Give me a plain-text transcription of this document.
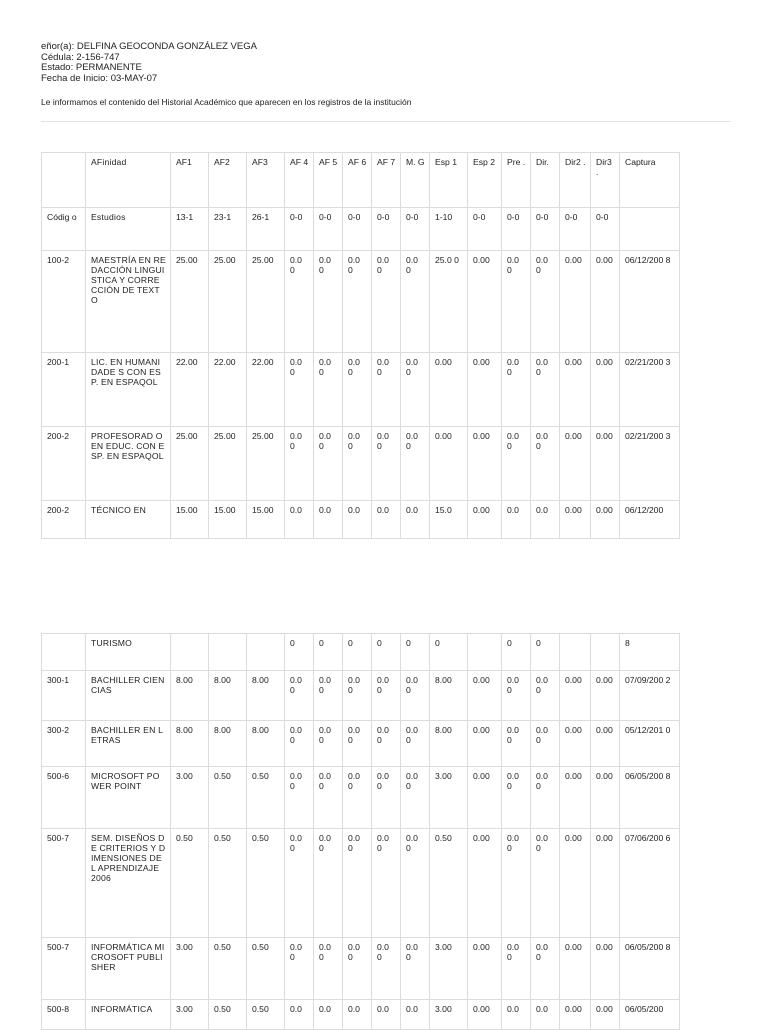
eñor(a): DELFINA GEOCONDA GONZÁLEZ VEGA
Cédula: 2-156-747
Estado: PERMANENTE
Fecha de Inicio: 03-MAY-07
Le informamos el contenido del Historial Académico que aparecen en los registros de la institución
	AFinidad	AF1	AF2	AF3	AF 4	AF 5	AF 6	AF 7	M. G	Esp 1	Esp 2	Pre .	Dir.	Dir2 .	Dir3 .	Captura
Códig o	Estudios	13-1	23-1	26-1	0-0	0-0	0-0	0-0	0-0	1-10	0-0	0-0	0-0	0-0	0-0	
100-2	MAESTRÍA EN REDACCIÓN LINGUISTICA Y CORRECCIÓN DE TEXTO	25.00	25.00	25.00	0.0 0	0.0 0	0.0 0	0.0 0	0.0 0	25.0 0	0.00	0.0 0	0.0 0	0.00	0.00	06/12/200 8
200-1	LIC. EN HUMANIDADE S CON ESP. EN ESPAQOL	22.00	22.00	22.00	0.0 0	0.0 0	0.0 0	0.0 0	0.0 0	0.00	0.00	0.0 0	0.0 0	0.00	0.00	02/21/200 3
200-2	PROFESORAD O EN EDUC. CON ESP. EN ESPAQOL	25.00	25.00	25.00	0.0 0	0.0 0	0.0 0	0.0 0	0.0 0	0.00	0.00	0.0 0	0.0 0	0.00	0.00	02/21/200 3
200-2	TÉCNICO EN	15.00	15.00	15.00	0.0	0.0	0.0	0.0	0.0	15.0	0.00	0.0	0.0	0.00	0.00	06/12/200
	TURISMO				0	0	0	0	0	0		0	0			8
300-1	BACHILLER CIENCIAS	8.00	8.00	8.00	0.0 0	0.0 0	0.0 0	0.0 0	0.0 0	8.00	0.00	0.0 0	0.0 0	0.00	0.00	07/09/200 2
300-2	BACHILLER EN LETRAS	8.00	8.00	8.00	0.0 0	0.0 0	0.0 0	0.0 0	0.0 0	8.00	0.00	0.0 0	0.0 0	0.00	0.00	05/12/201 0
500-6	MICROSOFT POWER POINT	3.00	0.50	0.50	0.0 0	0.0 0	0.0 0	0.0 0	0.0 0	3.00	0.00	0.0 0	0.0 0	0.00	0.00	06/05/200 8
500-7	SEM. DISEÑOS DE CRITERIOS Y DIMENSIONES DEL APRENDIZAJE 2006	0.50	0.50	0.50	0.0 0	0.0 0	0.0 0	0.0 0	0.0 0	0.50	0.00	0.0 0	0.0 0	0.00	0.00	07/06/200 6
500-7	INFORMÁTICA MICROSOFT PUBLISHER	3.00	0.50	0.50	0.0 0	0.0 0	0.0 0	0.0 0	0.0 0	3.00	0.00	0.0 0	0.0 0	0.00	0.00	06/05/200 8
500-8	INFORMÁTICA	3.00	0.50	0.50	0.0	0.0	0.0	0.0	0.0	3.00	0.00	0.0	0.0	0.00	0.00	06/05/200
